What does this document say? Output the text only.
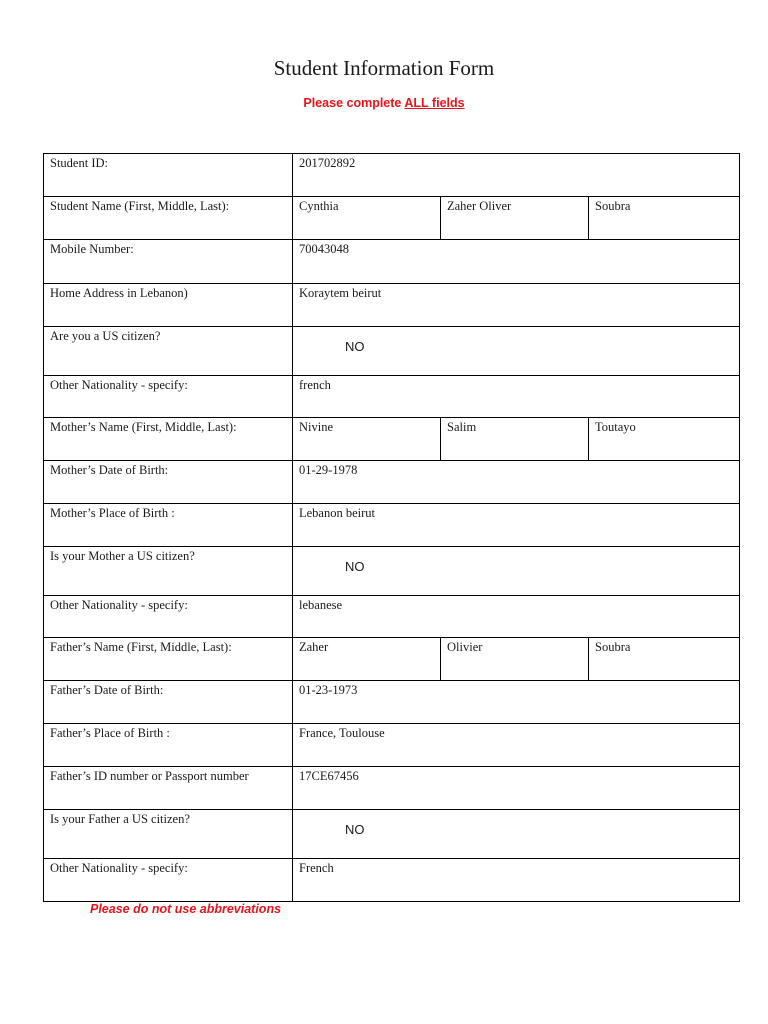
Student Information Form
Please complete ALL fields
Student ID:	201702892		
Student Name (First, Middle, Last):	Cynthia	Zaher Oliver	Soubra
Mobile Number:	70043048		
Home Address in Lebanon)	Koraytem beirut		
Are you a US citizen?	NO		

Other Nationality - specify:	french		
Mother’s Name (First, Middle, Last):	Nivine	Salim	Toutayo
Mother’s Date of Birth:	01-29-1978		
Mother’s Place of Birth :	Lebanon beirut		
Is your Mother a US citizen?	NO		

Other Nationality - specify:	lebanese		
Father’s Name (First, Middle, Last):	Zaher	Olivier	Soubra
Father’s Date of Birth:	01-23-1973		
Father’s Place of Birth :	France, Toulouse		
Father’s ID number or Passport number	17CE67456		
Is your Father a US citizen?	NO		

Other Nationality - specify:	French		
Please do not use abbreviations
